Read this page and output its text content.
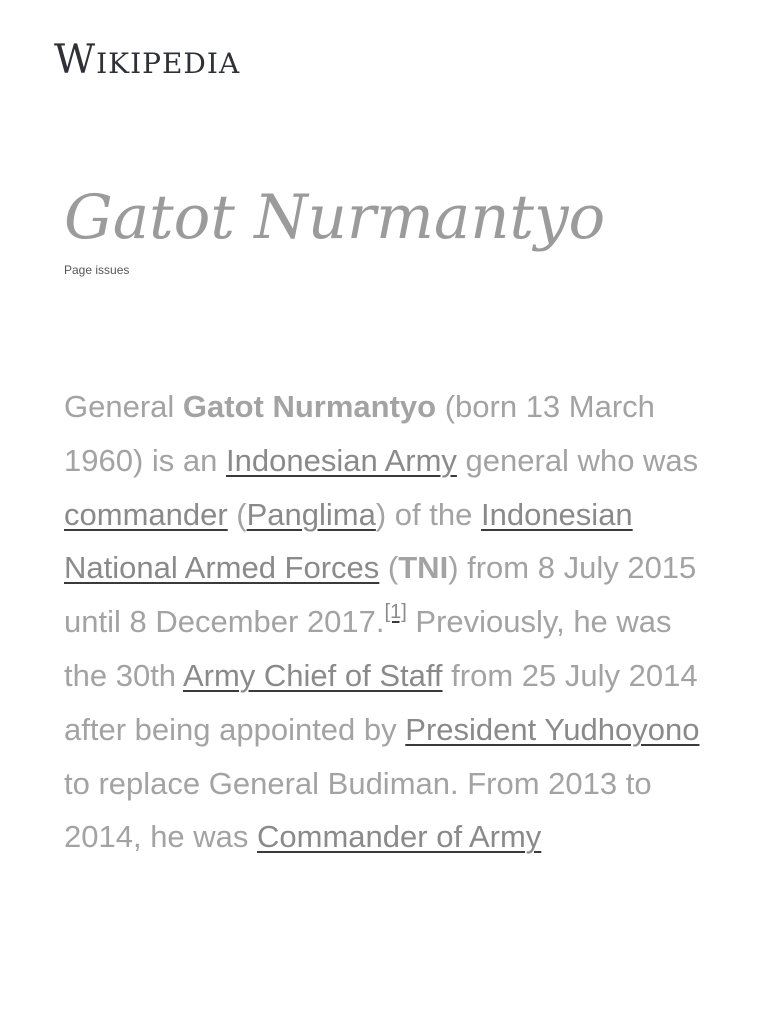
Wikipedia
Gatot Nurmantyo
Page issues

General Gatot Nurmantyo (born 13 March 1960) is an Indonesian Army general who was commander (Panglima) of the Indonesian National Armed Forces (TNI) from 8 July 2015 until 8 December 2017.[1] Previously, he was the 30th Army Chief of Staff from 25 July 2014 after being appointed by President Yudhoyono to replace General Budiman. From 2013 to 2014, he was Commander of Army
